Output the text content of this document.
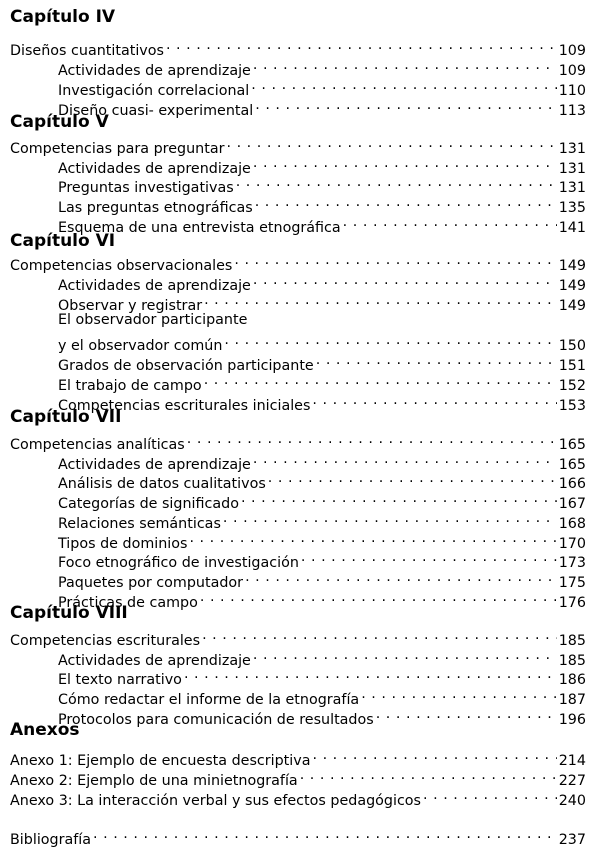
Capítulo IV
Diseños cuantitativos . . .	109
Actividades de aprendizaje . . .	109
Investigación correlacional . . .	110
Diseño cuasi- experimental . . .	113
Capítulo V
Competencias para preguntar . . .	131
Actividades de aprendizaje . . .	131
Preguntas investigativas . . .	131
Las preguntas etnográficas . . .	135
Esquema de una entrevista etnográfica . . .	141
Capítulo VI
Competencias observacionales . . .	149
Actividades de aprendizaje . . .	149
Observar y registrar . . .	149
El observador participante
y el observador común . . .	150
Grados de observación participante . . .	151
El trabajo de campo . . .	152
Competencias escriturales iniciales . . .	153
Capítulo VII
Competencias analíticas . . .	165
Actividades de aprendizaje . . .	165
Análisis de datos cualitativos . . .	166
Categorías de significado . . .	167
Relaciones semánticas . . .	168
Tipos de dominios . . .	170
Foco etnográfico de investigación . . .	173
Paquetes por computador . . .	175
Prácticas de campo . . .	176
Capítulo VIII
Competencias escriturales . . .	185
Actividades de aprendizaje . . .	185
El texto narrativo . . .	186
Cómo redactar el informe de la etnografía . . .	187
Protocolos para comunicación de resultados . . .	196
Anexos
Anexo 1: Ejemplo de encuesta descriptiva . . .	214
Anexo 2: Ejemplo de una minietnografía . . .	227
Anexo 3: La interacción verbal y sus efectos pedagógicos . . .	240
Bibliografía . . .	237
